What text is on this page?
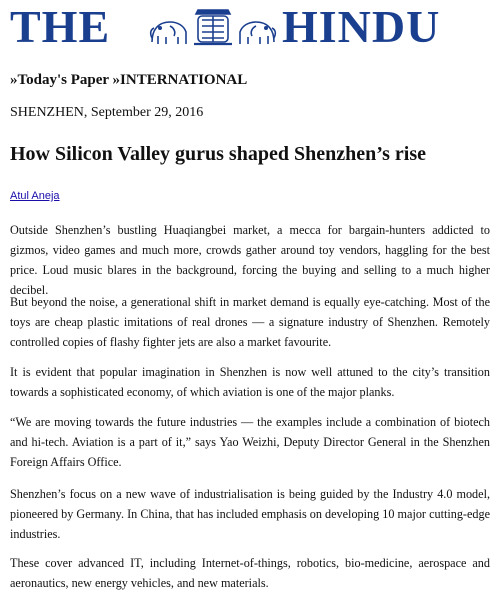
THE	HINDU
»Today's Paper »INTERNATIONAL
SHENZHEN, September 29, 2016
How Silicon Valley gurus shaped Shenzhen’s rise
Atul Aneja

Outside Shenzhen’s bustling Huaqiangbei market, a mecca for bargain-hunters addicted to gizmos, video games and much more, crowds gather around toy vendors, haggling for the best price. Loud music blares in the background, forcing the buying and selling to a much higher decibel.

But beyond the noise, a generational shift in market demand is equally eye-catching. Most of the toys are cheap plastic imitations of real drones — a signature industry of Shenzhen. Remotely controlled copies of flashy fighter jets are also a market favourite.

It is evident that popular imagination in Shenzhen is now well attuned to the city’s transition towards a sophisticated economy, of which aviation is one of the major planks.

“We are moving towards the future industries — the examples include a combination of biotech and hi-tech. Aviation is a part of it,” says Yao Weizhi, Deputy Director General in the Shenzhen Foreign Affairs Office.

Shenzhen’s focus on a new wave of industrialisation is being guided by the Industry 4.0 model, pioneered by Germany. In China, that has included emphasis on developing 10 major cutting-edge industries.

These cover advanced IT, including Internet-of-things, robotics, bio-medicine, aerospace and aeronautics, new energy vehicles, and new materials.
